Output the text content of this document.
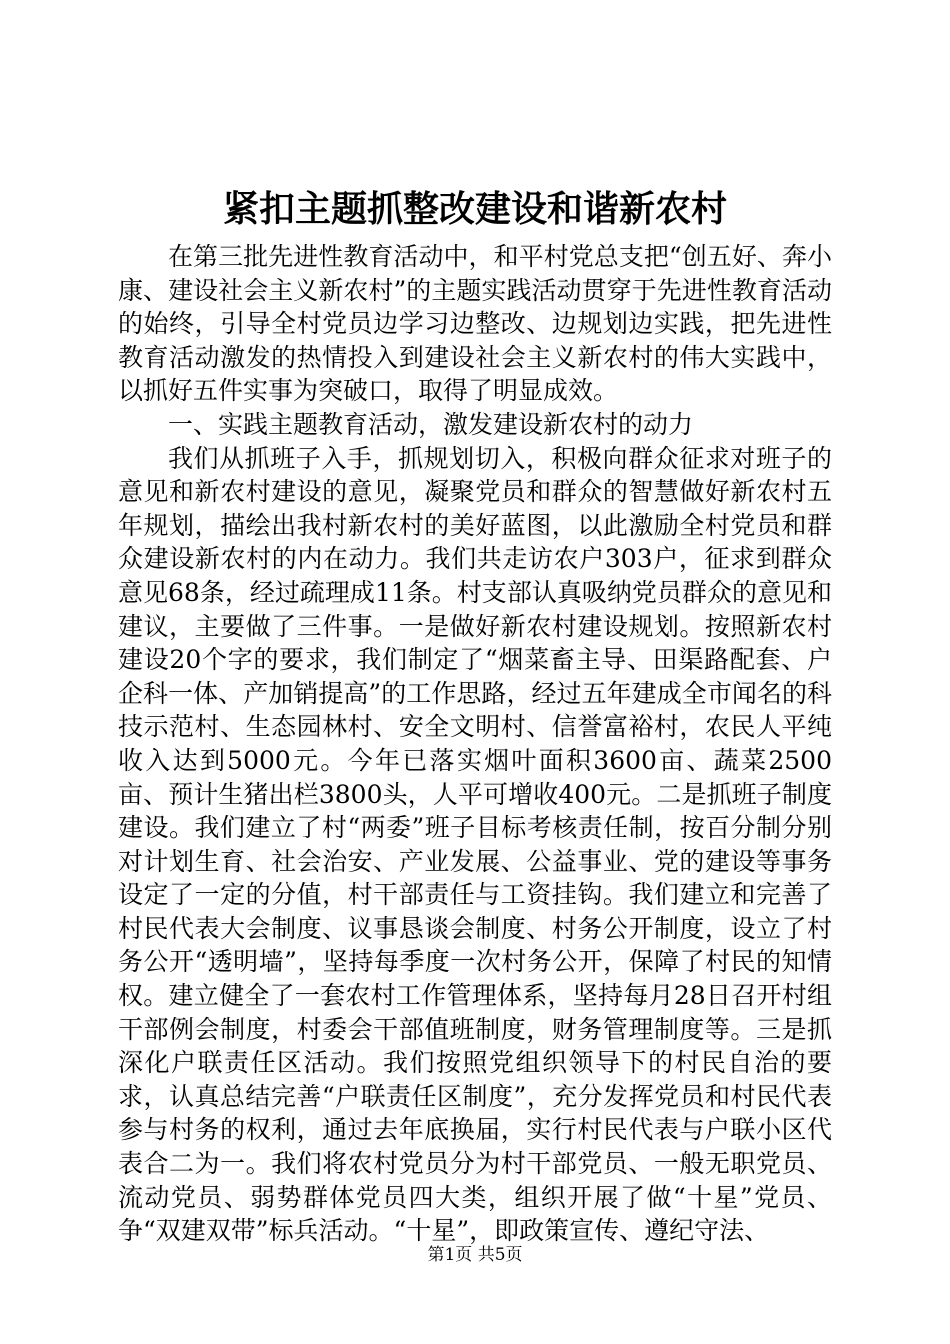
紧扣主题抓整改建设和谐新农村

在第三批先进性教育活动中，和平村党总支把“创五好、奔小康、建设社会主义新农村”的主题实践活动贯穿于先进性教育活动的始终，引导全村党员边学习边整改、边规划边实践，把先进性教育活动激发的热情投入到建设社会主义新农村的伟大实践中，以抓好五件实事为突破口，取得了明显成效。

一、实践主题教育活动，激发建设新农村的动力

我们从抓班子入手，抓规划切入，积极向群众征求对班子的意见和新农村建设的意见，凝聚党员和群众的智慧做好新农村五年规划，描绘出我村新农村的美好蓝图，以此激励全村党员和群众建设新农村的内在动力。我们共走访农户303户，征求到群众意见68条，经过疏理成11条。村支部认真吸纳党员群众的意见和建议，主要做了三件事。一是做好新农村建设规划。按照新农村建设20个字的要求，我们制定了“烟菜畜主导、田渠路配套、户企科一体、产加销提高”的工作思路，经过五年建成全市闻名的科技示范村、生态园林村、安全文明村、信誉富裕村，农民人平纯收入达到5000元。今年已落实烟叶面积3600亩、蔬菜2500亩、预计生猪出栏3800头，人平可增收400元。二是抓班子制度建设。我们建立了村“两委”班子目标考核责任制，按百分制分别对计划生育、社会治安、产业发展、公益事业、党的建设等事务设定了一定的分值，村干部责任与工资挂钩。我们建立和完善了村民代表大会制度、议事恳谈会制度、村务公开制度，设立了村务公开“透明墙”，坚持每季度一次村务公开，保障了村民的知情权。建立健全了一套农村工作管理体系，坚持每月28日召开村组干部例会制度，村委会干部值班制度，财务管理制度等。三是抓深化户联责任区活动。我们按照党组织领导下的村民自治的要求，认真总结完善“户联责任区制度”，充分发挥党员和村民代表参与村务的权利，通过去年底换届，实行村民代表与户联小区代表合二为一。我们将农村党员分为村干部党员、一般无职党员、流动党员、弱势群体党员四大类，组织开展了做“十星”党员、争“双建双带”标兵活动。“十星”，即政策宣传、遵纪守法、

第1页 共5页
